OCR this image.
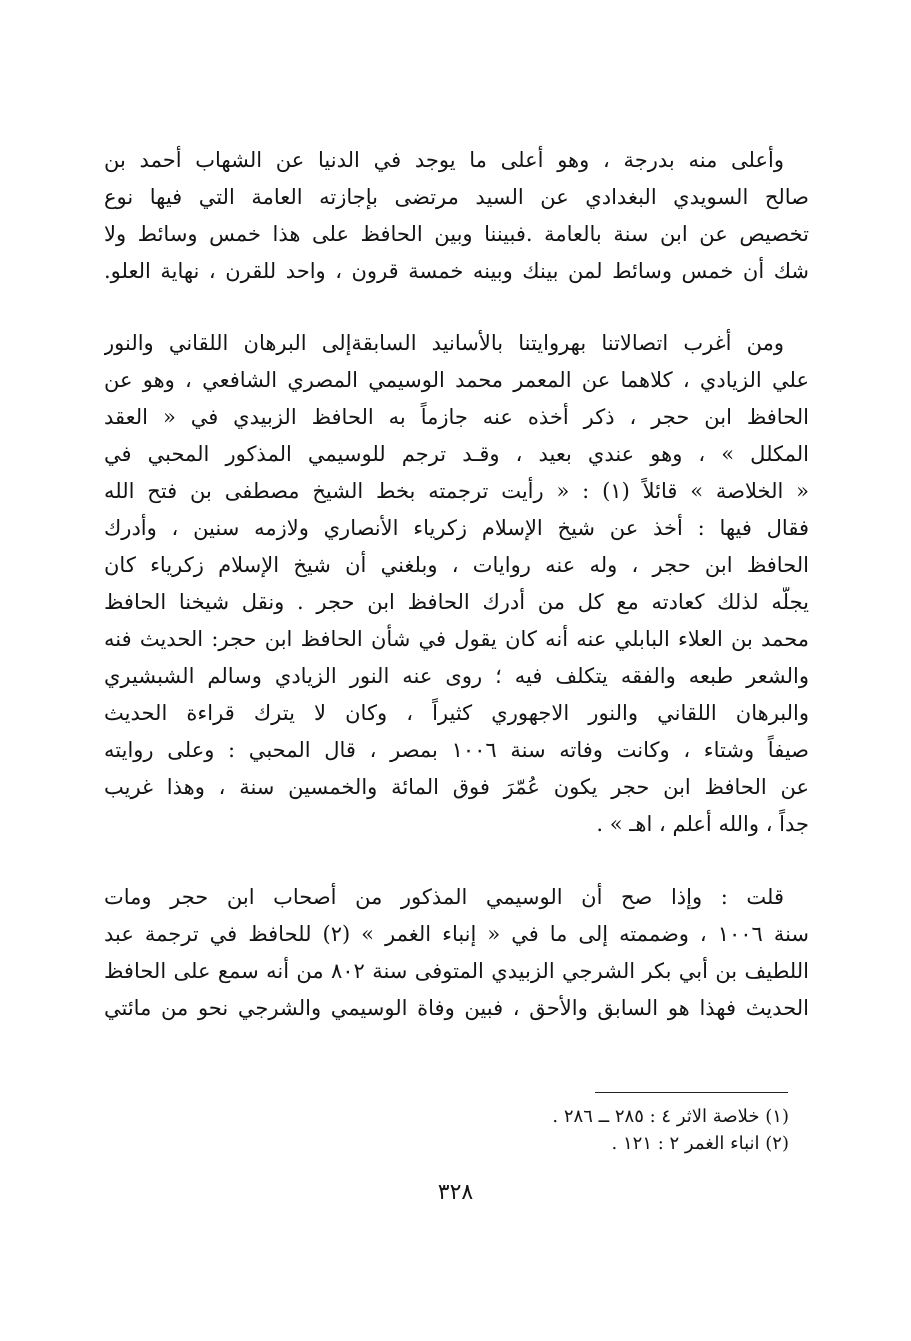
وأعلى منه بدرجة ، وهو أعلى ما يوجد في الدنيا عن الشهاب أحمد بن
صالح السويدي البغدادي عن السيد مرتضى بإجازته العامة التي فيها نوع
تخصيص عن ابن سنة بالعامة .فبيننا وبين الحافظ على هذا خمس وسائط ولا
شك أن خمس وسائط لمن بينك وبينه خمسة قرون ، واحد للقرن ، نهاية العلو.
ومن أغرب اتصالاتنا بهروايتنا بالأسانيد السابقةإلى البرهان اللقاني والنور
علي الزيادي ، كلاهما عن المعمر محمد الوسيمي المصري الشافعي ، وهو عن
الحافظ ابن حجر ، ذكر أخذه عنه جازماً به الحافظ الزبيدي في « العقد
المكلل » ، وهو عندي بعيد ، وقـد ترجم للوسيمي المذكور المحبي في
« الخلاصة » قائلاً (١) : « رأيت ترجمته بخط الشيخ مصطفى بن فتح الله
فقال فيها : أخذ عن شيخ الإسلام زكرياء الأنصاري ولازمه سنين ، وأدرك
الحافظ ابن حجر ، وله عنه روايات ، وبلغني أن شيخ الإسلام زكرياء كان
يجلّه لذلك كعادته مع كل من أدرك الحافظ ابن حجر . ونقل شيخنا الحافظ
محمد بن العلاء البابلي عنه أنه كان يقول في شأن الحافظ ابن حجر: الحديث فنه
والشعر طبعه والفقه يتكلف فيه ؛ روى عنه النور الزيادي وسالم الشبشيري
والبرهان اللقاني والنور الاجهوري كثيراً ، وكان لا يترك قراءة الحديث
صيفاً وشتاء ، وكانت وفاته سنة ١٠٠٦ بمصر ، قال المحبي : وعلى روايته
عن الحافظ ابن حجر يكون عُمّرَ فوق المائة والخمسين سنة ، وهذا غريب
جداً ، والله أعلم ، اهـ » .
قلت : وإذا صح أن الوسيمي المذكور من أصحاب ابن حجر ومات
سنة ١٠٠٦ ، وضممته إلى ما في « إنباء الغمر » (٢) للحافظ في ترجمة عبد
اللطيف بن أبي بكر الشرجي الزبيدي المتوفى سنة ٨٠٢ من أنه سمع على الحافظ
الحديث فهذا هو السابق والأحق ، فبين وفاة الوسيمي والشرجي نحو من مائتي
(١) خلاصة الاثر ٤ : ٢٨٥ ــ ٢٨٦ .
(٢) انباء الغمر ٢ : ١٢١ .
٣٢٨
